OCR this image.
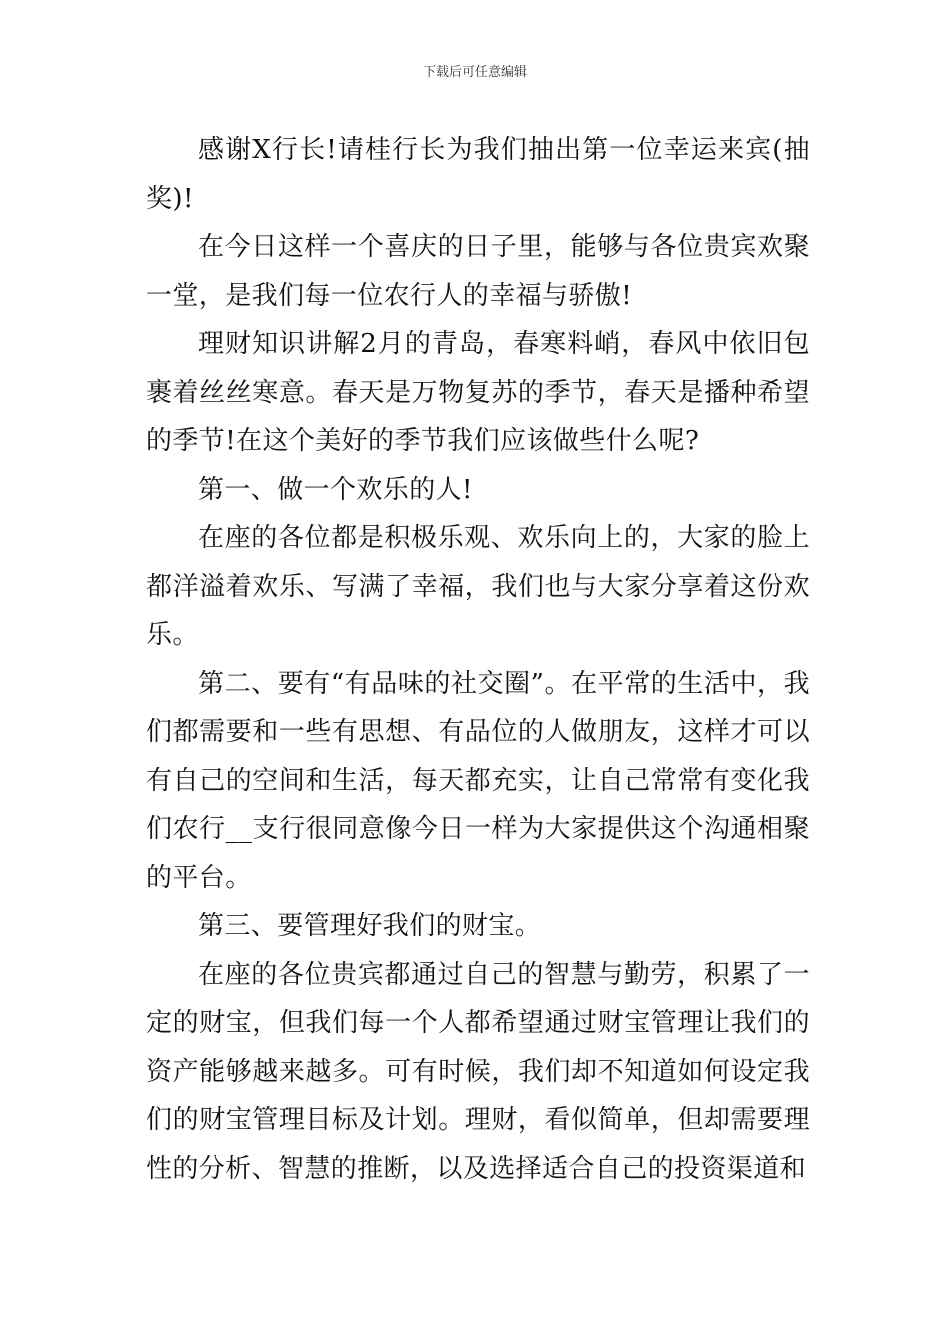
下载后可任意编辑

感谢X行长!请桂行长为我们抽出第一位幸运来宾(抽奖)!

在今日这样一个喜庆的日子里，能够与各位贵宾欢聚一堂，是我们每一位农行人的幸福与骄傲!

理财知识讲解2月的青岛，春寒料峭，春风中依旧包裹着丝丝寒意。春天是万物复苏的季节，春天是播种希望的季节!在这个美好的季节我们应该做些什么呢?

第一、做一个欢乐的人!

在座的各位都是积极乐观、欢乐向上的，大家的脸上都洋溢着欢乐、写满了幸福，我们也与大家分享着这份欢乐。

第二、要有“有品味的社交圈”。在平常的生活中，我们都需要和一些有思想、有品位的人做朋友，这样才可以有自己的空间和生活，每天都充实，让自己常常有变化我们农行__支行很同意像今日一样为大家提供这个沟通相聚的平台。

第三、要管理好我们的财宝。

在座的各位贵宾都通过自己的智慧与勤劳，积累了一定的财宝，但我们每一个人都希望通过财宝管理让我们的资产能够越来越多。可有时候，我们却不知道如何设定我们的财宝管理目标及计划。理财，看似简单，但却需要理性的分析、智慧的推断，以及选择适合自己的投资渠道和
